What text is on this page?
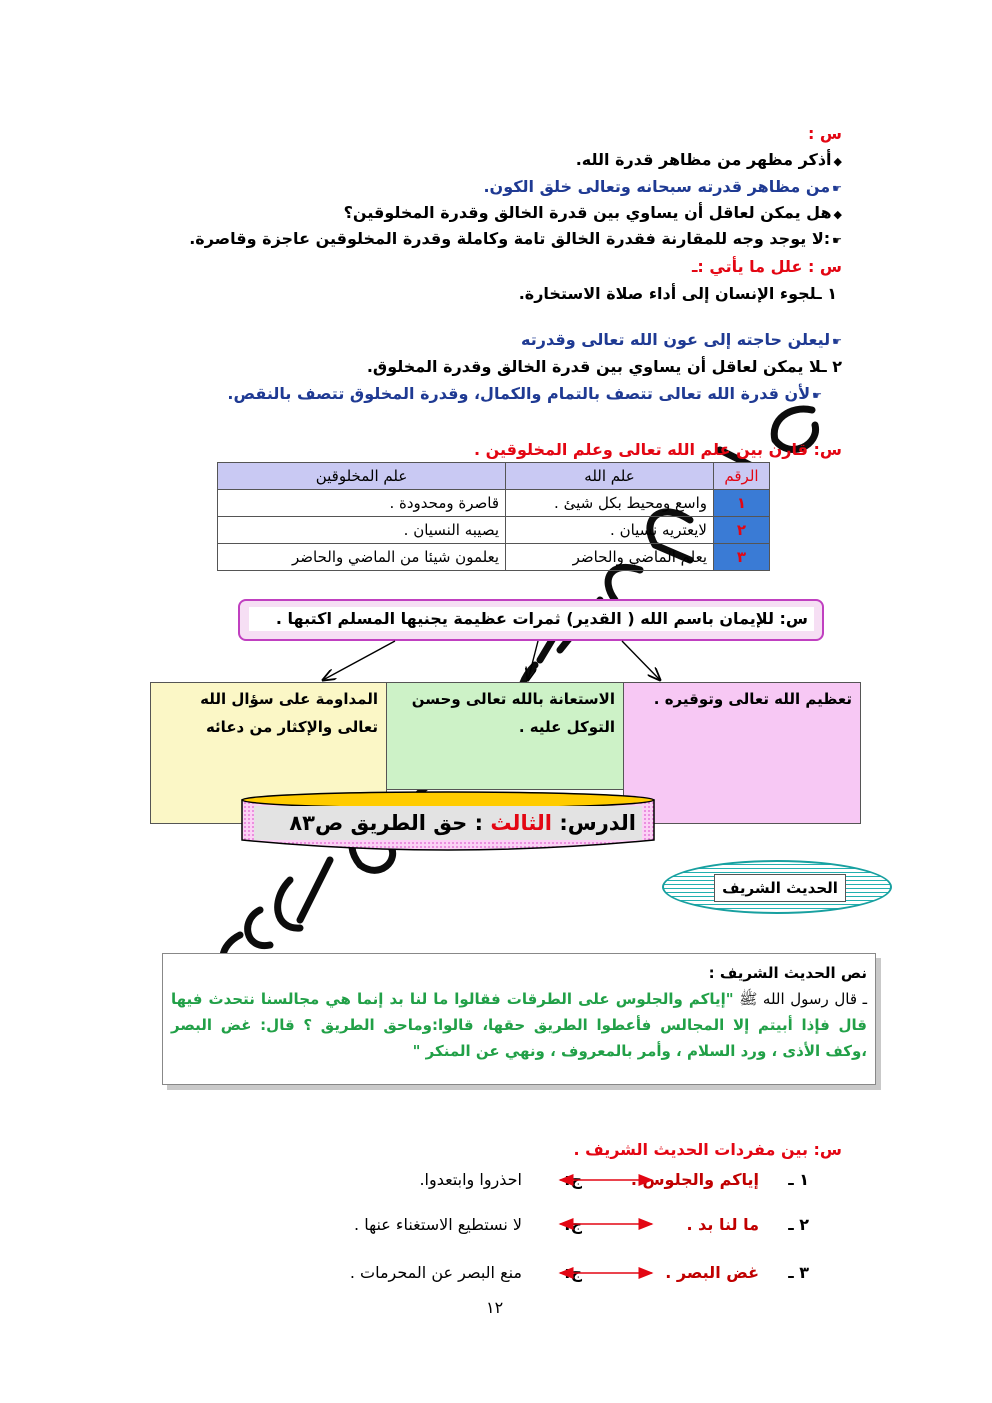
س :
◆أذكر مظهر من مظاهر قدرة الله.
☛من مظاهر قدرته سبحانه وتعالى خلق الكون.
◆هل يمكن لعاقل أن يساوي بين قدرة الخالق وقدرة المخلوقين؟
☛:لا يوجد وجه للمقارنة فقدرة الخالق تامة وكاملة وقدرة المخلوقين عاجزة وقاصرة.
س : علل ما يأتي :ـ
١ ـلجوء الإنسان إلى أداء صلاة الاستخارة.
☛ليعلن حاجته إلى عون الله تعالى وقدرته
٢ ـلا يمكن لعاقل أن يساوي بين قدرة الخالق وقدرة المخلوق.
☛لأن قدرة الله تعالى تتصف بالتمام والكمال، وقدرة المخلوق تتصف بالنقص.
س: قارن بين علم الله تعالى وعلم المخلوقين .
الرقم	علم الله	علم المخلوقين
١	واسع ومحيط بكل شيئ .	قاصرة ومحدودة .
٢	لايعتريه نسيان .	يصيبه النسيان .
٣	يعلم الماضي والحاضر	يعلمون شيئا من الماضي والحاضر
س: للإيمان باسم الله ( القدير) ثمرات عظيمة يجنيها المسلم اكتبها .
تعظيم الله تعالى وتوقيره .
الاستعانة بالله تعالى وحسن التوكل عليه .
المداومة على سؤال الله تعالى والإكثار من دعائه
الدرس: الثالث : حق الطريق ص٨٣
الحديث الشريف

نص الحديث الشريف :

ـ قال رسول الله ﷺ "إياكم والجلوس على الطرقات فقالوا ما لنا بد إنما هي مجالسنا نتحدث فيها قال فإذا أبيتم إلا المجالس فأعطوا الطريق حقها، قالوا:وماحق الطريق ؟ قال: غض البصر ،وكف الأذى ، ورد السلام ، وأمر بالمعروف ، ونهي عن المنكر "

س: بين مفردات الحديث الشريف .
١ ـ
إياكم والجلوس .
ج:
احذروا وابتعدوا.
٢ ـ
ما لنا بد .
ج:
لا نستطيع الاستغناء عنها .
٣ ـ
غض البصر .
ج:
منع البصر عن المحرمات .
١٢
